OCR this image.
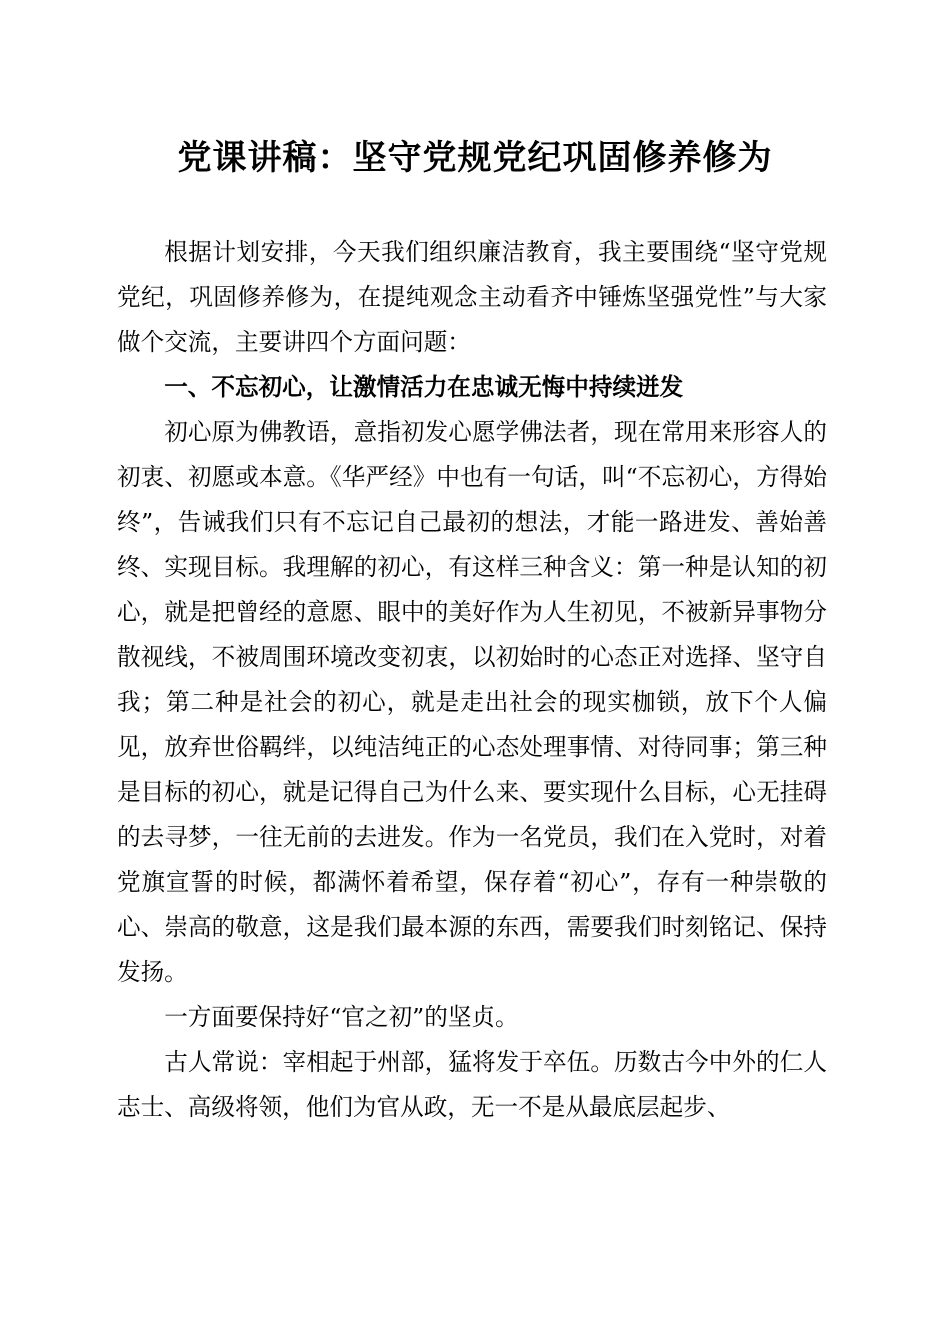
党课讲稿：坚守党规党纪巩固修养修为

根据计划安排，今天我们组织廉洁教育，我主要围绕“坚守党规党纪，巩固修养修为，在提纯观念主动看齐中锤炼坚强党性”与大家做个交流，主要讲四个方面问题：

一、不忘初心，让激情活力在忠诚无悔中持续迸发

初心原为佛教语，意指初发心愿学佛法者，现在常用来形容人的初衷、初愿或本意。《华严经》中也有一句话，叫“不忘初心，方得始终”，告诫我们只有不忘记自己最初的想法，才能一路进发、善始善终、实现目标。我理解的初心，有这样三种含义：第一种是认知的初心，就是把曾经的意愿、眼中的美好作为人生初见，不被新异事物分散视线，不被周围环境改变初衷，以初始时的心态正对选择、坚守自我；第二种是社会的初心，就是走出社会的现实枷锁，放下个人偏见，放弃世俗羁绊，以纯洁纯正的心态处理事情、对待同事；第三种是目标的初心，就是记得自己为什么来、要实现什么目标，心无挂碍的去寻梦，一往无前的去进发。作为一名党员，我们在入党时，对着党旗宣誓的时候，都满怀着希望，保存着“初心”，存有一种崇敬的心、崇高的敬意，这是我们最本源的东西，需要我们时刻铭记、保持发扬。

一方面要保持好“官之初”的坚贞。

古人常说：宰相起于州部，猛将发于卒伍。历数古今中外的仁人志士、高级将领，他们为官从政，无一不是从最底层起步、
